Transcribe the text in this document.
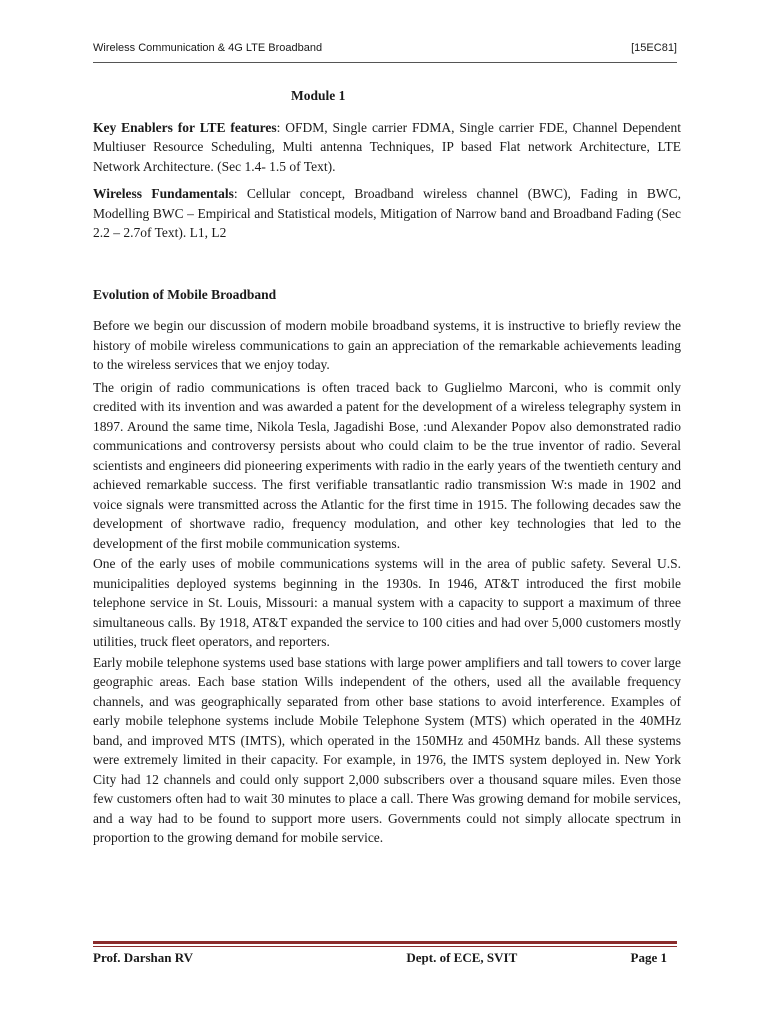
Wireless Communication & 4G LTE Broadband	[15EC81]
Module 1

Key Enablers for LTE features: OFDM, Single carrier FDMA, Single carrier FDE, Channel Dependent Multiuser Resource Scheduling, Multi antenna Techniques, IP based Flat network Architecture, LTE Network Architecture. (Sec 1.4- 1.5 of Text).

Wireless Fundamentals: Cellular concept, Broadband wireless channel (BWC), Fading in BWC, Modelling BWC – Empirical and Statistical models, Mitigation of Narrow band and Broadband Fading (Sec 2.2 – 2.7of Text). L1, L2

Evolution of Mobile Broadband

Before we begin our discussion of modern mobile broadband systems, it is instructive to briefly review the history of mobile wireless communications to gain an appreciation of the remarkable achievements leading to the wireless services that we enjoy today.

The origin of radio communications is often traced back to Guglielmo Marconi, who is commit only credited with its invention and was awarded a patent for the development of a wireless telegraphy system in 1897. Around the same time, Nikola Tesla, Jagadishi Bose, :und Alexander Popov also demonstrated radio communications and controversy persists about who could claim to be the true inventor of radio. Several scientists and engineers did pioneering experiments with radio in the early years of the twentieth century and achieved remarkable success. The first verifiable transatlantic radio transmission W:s made in 1902 and voice signals were transmitted across the Atlantic for the first time in 1915. The following decades saw the development of shortwave radio, frequency modulation, and other key technologies that led to the development of the first mobile communication systems.

One of the early uses of mobile communications systems will in the area of public safety. Several U.S. municipalities deployed systems beginning in the 1930s. In 1946, AT&T introduced the first mobile telephone service in St. Louis, Missouri: a manual system with a capacity to support a maximum of three simultaneous calls. By 1918, AT&T expanded the service to 100 cities and had over 5,000 customers mostly utilities, truck fleet operators, and reporters.

Early mobile telephone systems used base stations with large power amplifiers and tall towers to cover large geographic areas. Each base station Wills independent of the others, used all the available frequency channels, and was geographically separated from other base stations to avoid interference. Examples of early mobile telephone systems include Mobile Telephone System (MTS) which operated in the 40MHz band, and improved MTS (IMTS), which operated in the 150MHz and 450MHz bands. All these systems were extremely limited in their capacity. For example, in 1976, the IMTS system deployed in. New York City had 12 channels and could only support 2,000 subscribers over a thousand square miles. Even those few customers often had to wait 30 minutes to place a call. There Was growing demand for mobile services, and a way had to be found to support more users. Governments could not simply allocate spectrum in proportion to the growing demand for mobile service.

Prof. Darshan RV	Dept. of ECE, SVIT	Page 1
